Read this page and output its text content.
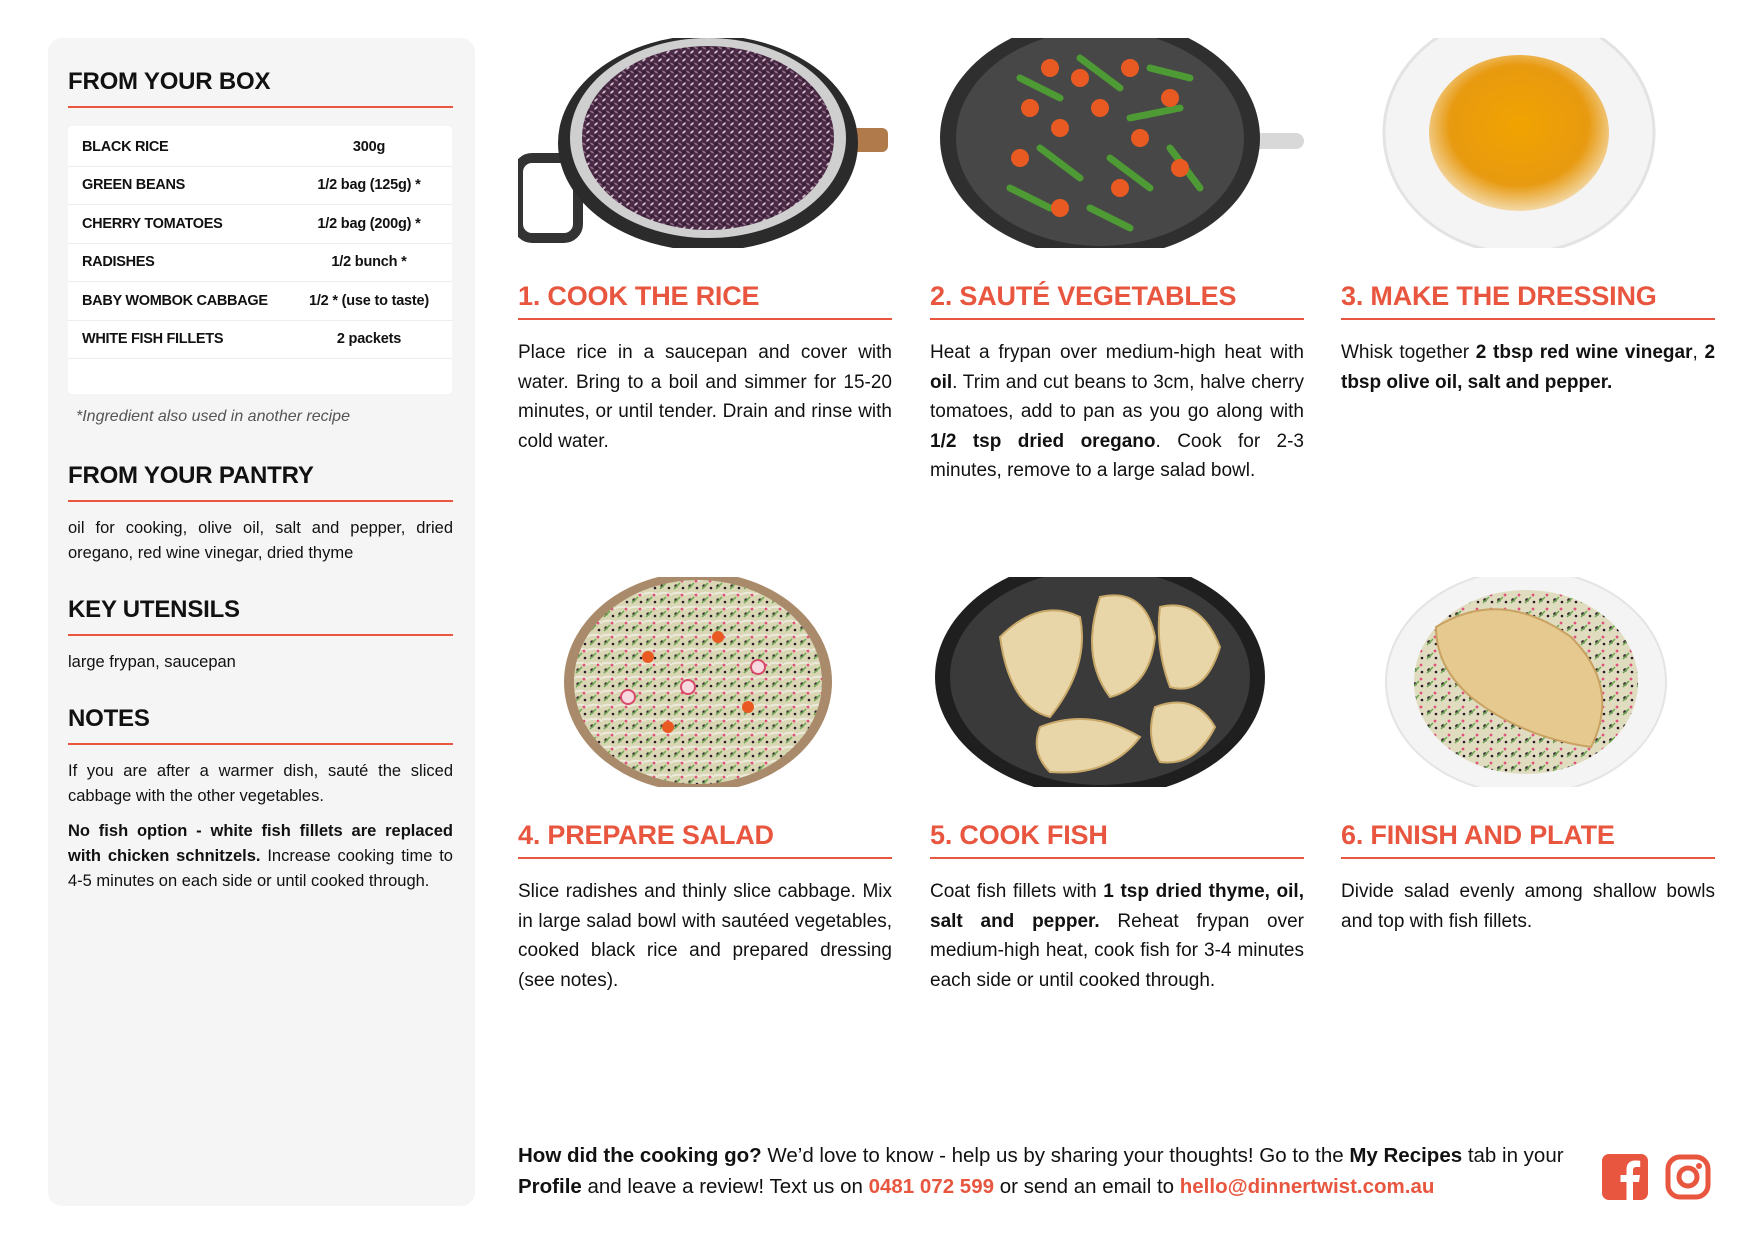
FROM YOUR BOX
BLACK RICE	300g
GREEN BEANS	1/2 bag (125g) *
CHERRY TOMATOES	1/2 bag (200g) *
RADISHES	1/2 bunch *
BABY WOMBOK CABBAGE	1/2 * (use to taste)
WHITE FISH FILLETS	2 packets
*Ingredient also used in another recipe
FROM YOUR PANTRY
oil for cooking, olive oil, salt and pepper, dried oregano, red wine vinegar, dried thyme
KEY UTENSILS
large frypan, saucepan
NOTES
If you are after a warmer dish, sauté the sliced cabbage with the other vegetables.
No fish option - white fish fillets are replaced with chicken schnitzels. Increase cooking time to 4-5 minutes on each side or until cooked through.
1. COOK THE RICE
Place rice in a saucepan and cover with water. Bring to a boil and simmer for 15-20 minutes, or until tender. Drain and rinse with cold water.
2. SAUTÉ VEGETABLES
Heat a frypan over medium-high heat with oil. Trim and cut beans to 3cm, halve cherry tomatoes, add to pan as you go along with 1/2 tsp dried oregano. Cook for 2-3 minutes, remove to a large salad bowl.
3. MAKE THE DRESSING
Whisk together 2 tbsp red wine vinegar, 2 tbsp olive oil, salt and pepper.
4. PREPARE SALAD
Slice radishes and thinly slice cabbage. Mix in large salad bowl with sautéed vegetables, cooked black rice and prepared dressing (see notes).
5. COOK FISH
Coat fish fillets with 1 tsp dried thyme, oil, salt and pepper. Reheat frypan over medium-high heat, cook fish for 3-4 minutes each side or until cooked through.
6. FINISH AND PLATE
Divide salad evenly among shallow bowls and top with fish fillets.
How did the cooking go? We’d love to know - help us by sharing your thoughts! Go to the My Recipes tab in your Profile and leave a review! Text us on 0481 072 599 or send an email to hello@dinnertwist.com.au
